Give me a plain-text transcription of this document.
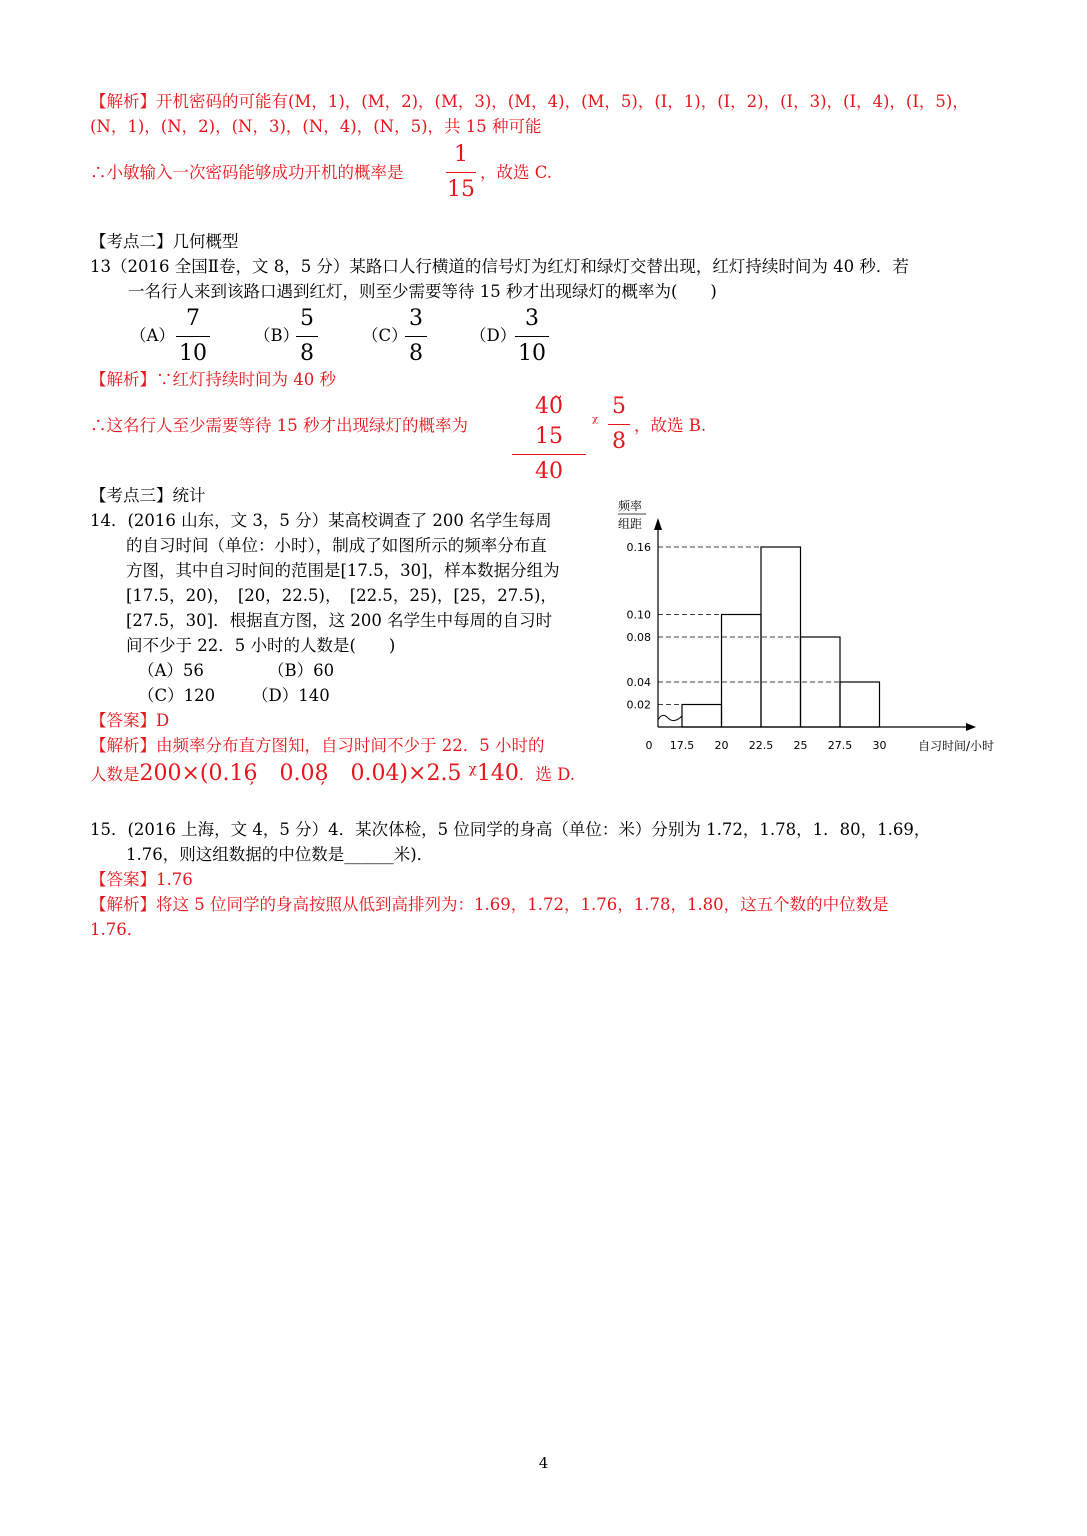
【解析】开机密码的可能有(M，1)，(M，2)，(M，3)，(M，4)，(M，5)，(I，1)，(I，2)，(I，3)，(I，4)，(I，5)，
(N，1)，(N，2)，(N，3)，(N，4)，(N，5)，共 15 种可能
∴小敏输入一次密码能够成功开机的概率是
1
15
，故选 C.
【考点二】几何概型
13（2016 全国Ⅱ卷，文 8，5 分）某路口人行横道的信号灯为红灯和绿灯交替出现，红灯持续时间为 40 秒．若
一名行人来到该路口遇到红灯，则至少需要等待 15 秒才出现绿灯的概率为(　　)
（A）
7
10
（B）
5
8
（C）
3
8
（D）
3
10
【解析】∵红灯持续时间为 40 秒
∴这名行人至少需要等待 15 秒才出现绿灯的概率为
40̃　15
40
ᵡ
5
8
，故选 B.
【考点三】统计
14．(2016 山东，文 3，5 分）某高校调查了 200 名学生每周
的自习时间（单位：小时），制成了如图所示的频率分布直
方图，其中自习时间的范围是[17.5，30]，样本数据分组为
[17.5，20)，　[20，22.5)，　[22.5，25)，[25，27.5)，
[27.5，30]．根据直方图，这 200 名学生中每周的自习时
间不少于 22．5 小时的人数是(　　)
（A）56	（B）60
（C）120 （D）140
【答案】D
【解析】由频率分布直方图知，自习时间不少于 22．5 小时的
人数是200×(0.16̦　0.08̦　0.04)×2.5 ᵡ140．选 D.
0.16
0.10
0.08
0.04
0.02
0 17.5 20 22.5 25 27.5 30	自习时间/小时
频率
组距
15．(2016 上海，文 4，5 分）4．某次体检，5 位同学的身高（单位：米）分别为 1.72，1.78，1．80，1.69，
1.76，则这组数据的中位数是______米)．
【答案】1.76
【解析】将这 5 位同学的身高按照从低到高排列为：1.69，1.72，1.76，1.78，1.80，这五个数的中位数是
1.76．
4
